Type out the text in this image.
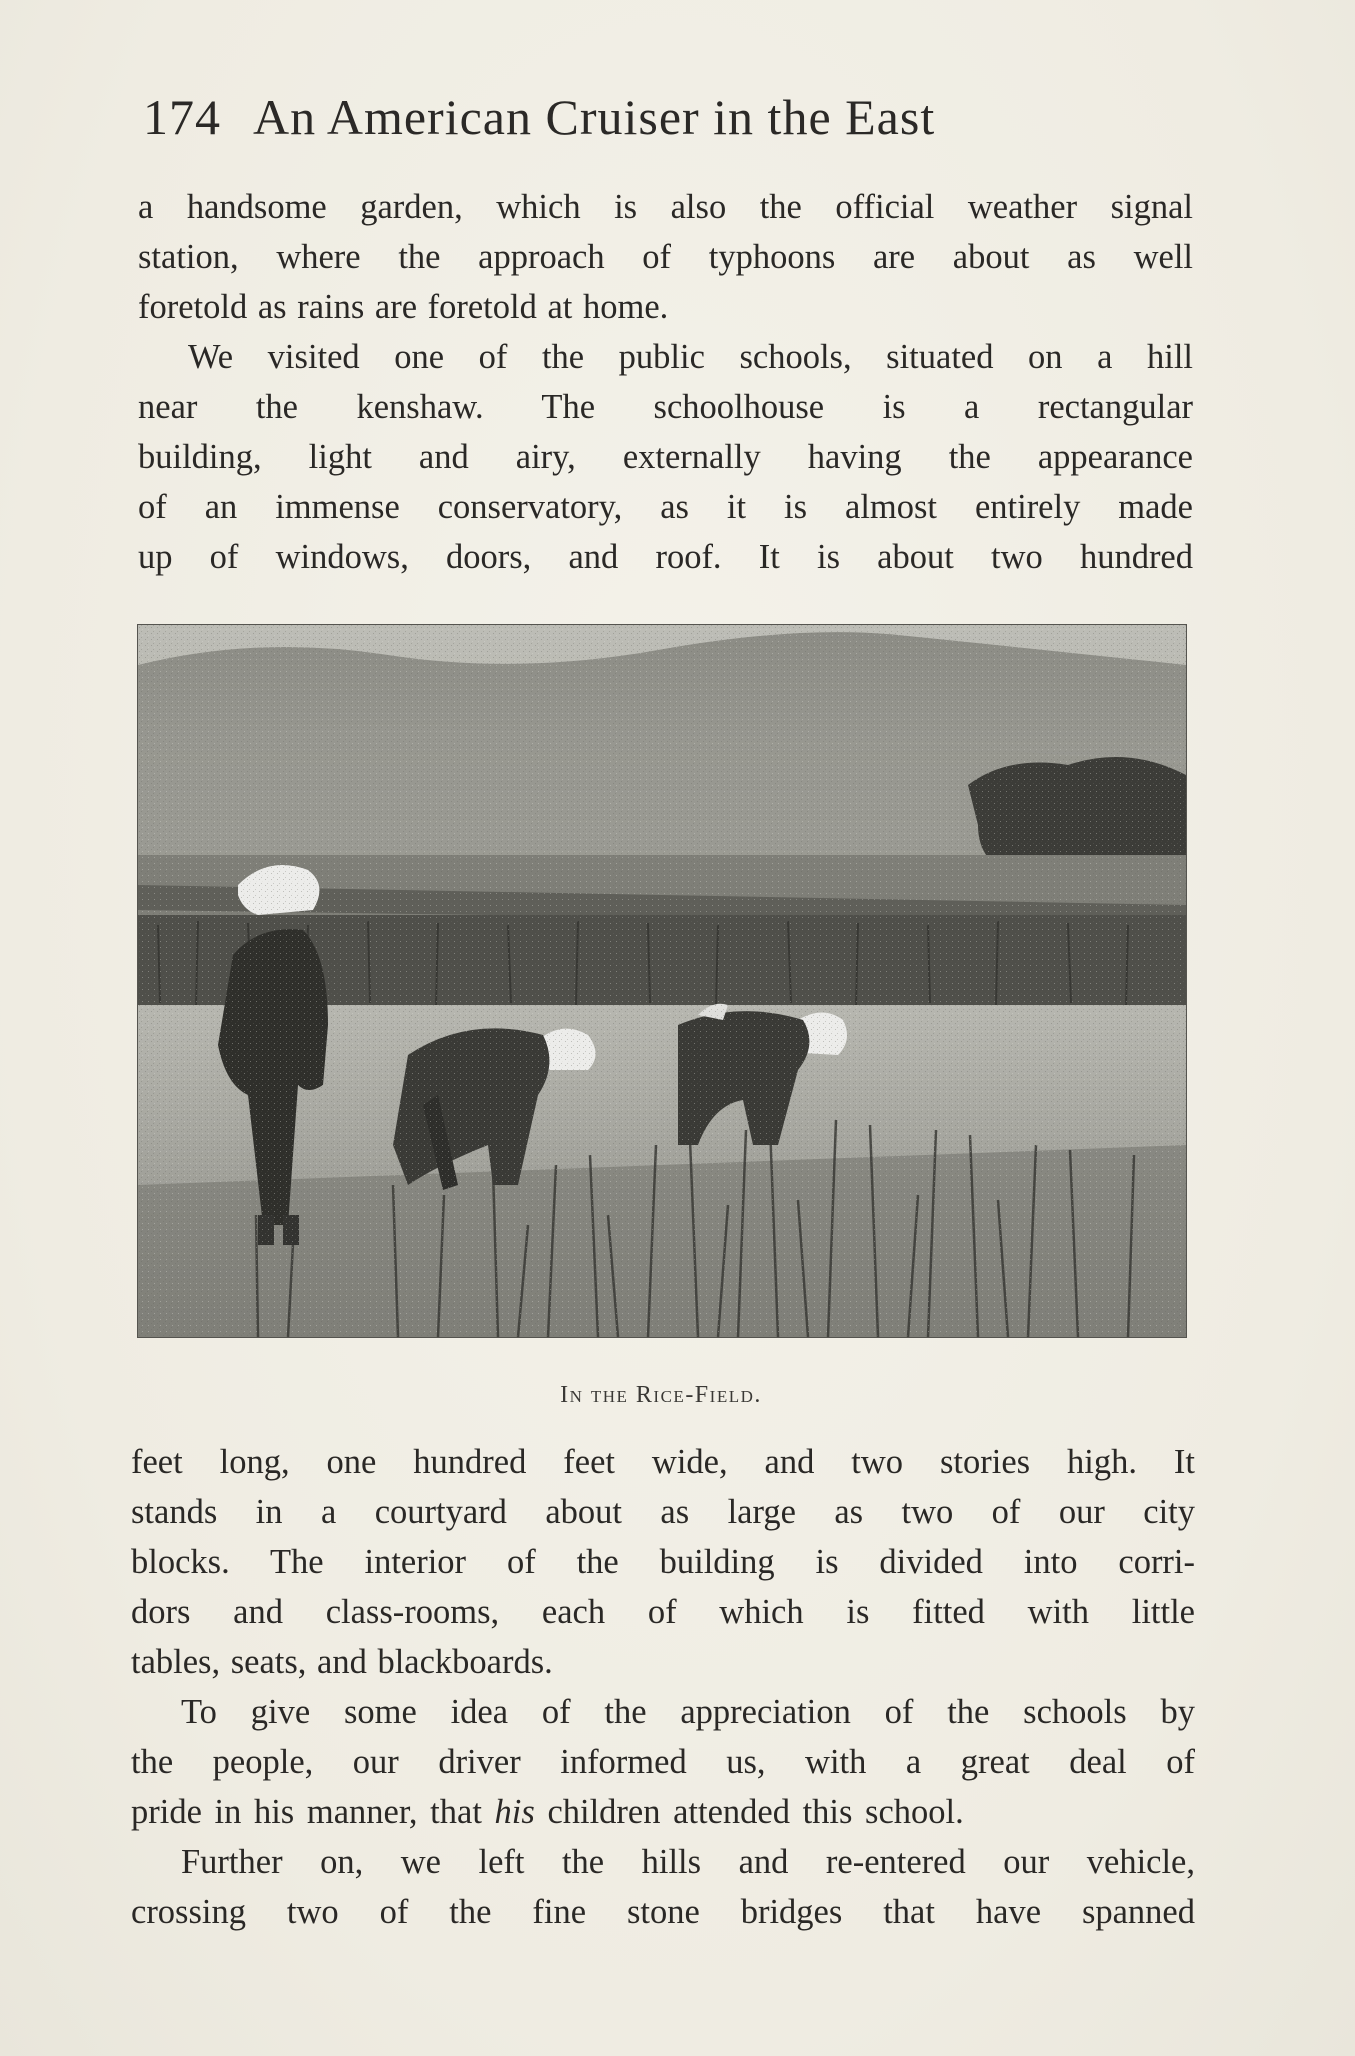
174 An American Cruiser in the East

a handsome garden, which is also the official weather signal
station, where the approach of typhoons are about as well
foretold as rains are foretold at home.

We visited one of the public schools, situated on a hill
near the kenshaw. The schoolhouse is a rectangular
building, light and airy, externally having the appearance
of an immense conservatory, as it is almost entirely made
up of windows, doors, and roof. It is about two hundred

In the Rice-Field.

feet long, one hundred feet wide, and two stories high. It
stands in a courtyard about as large as two of our city
blocks. The interior of the building is divided into corri-
dors and class-rooms, each of which is fitted with little
tables, seats, and blackboards.

To give some idea of the appreciation of the schools by
the people, our driver informed us, with a great deal of
pride in his manner, that his children attended this school.

Further on, we left the hills and re-entered our vehicle,
crossing two of the fine stone bridges that have spanned
